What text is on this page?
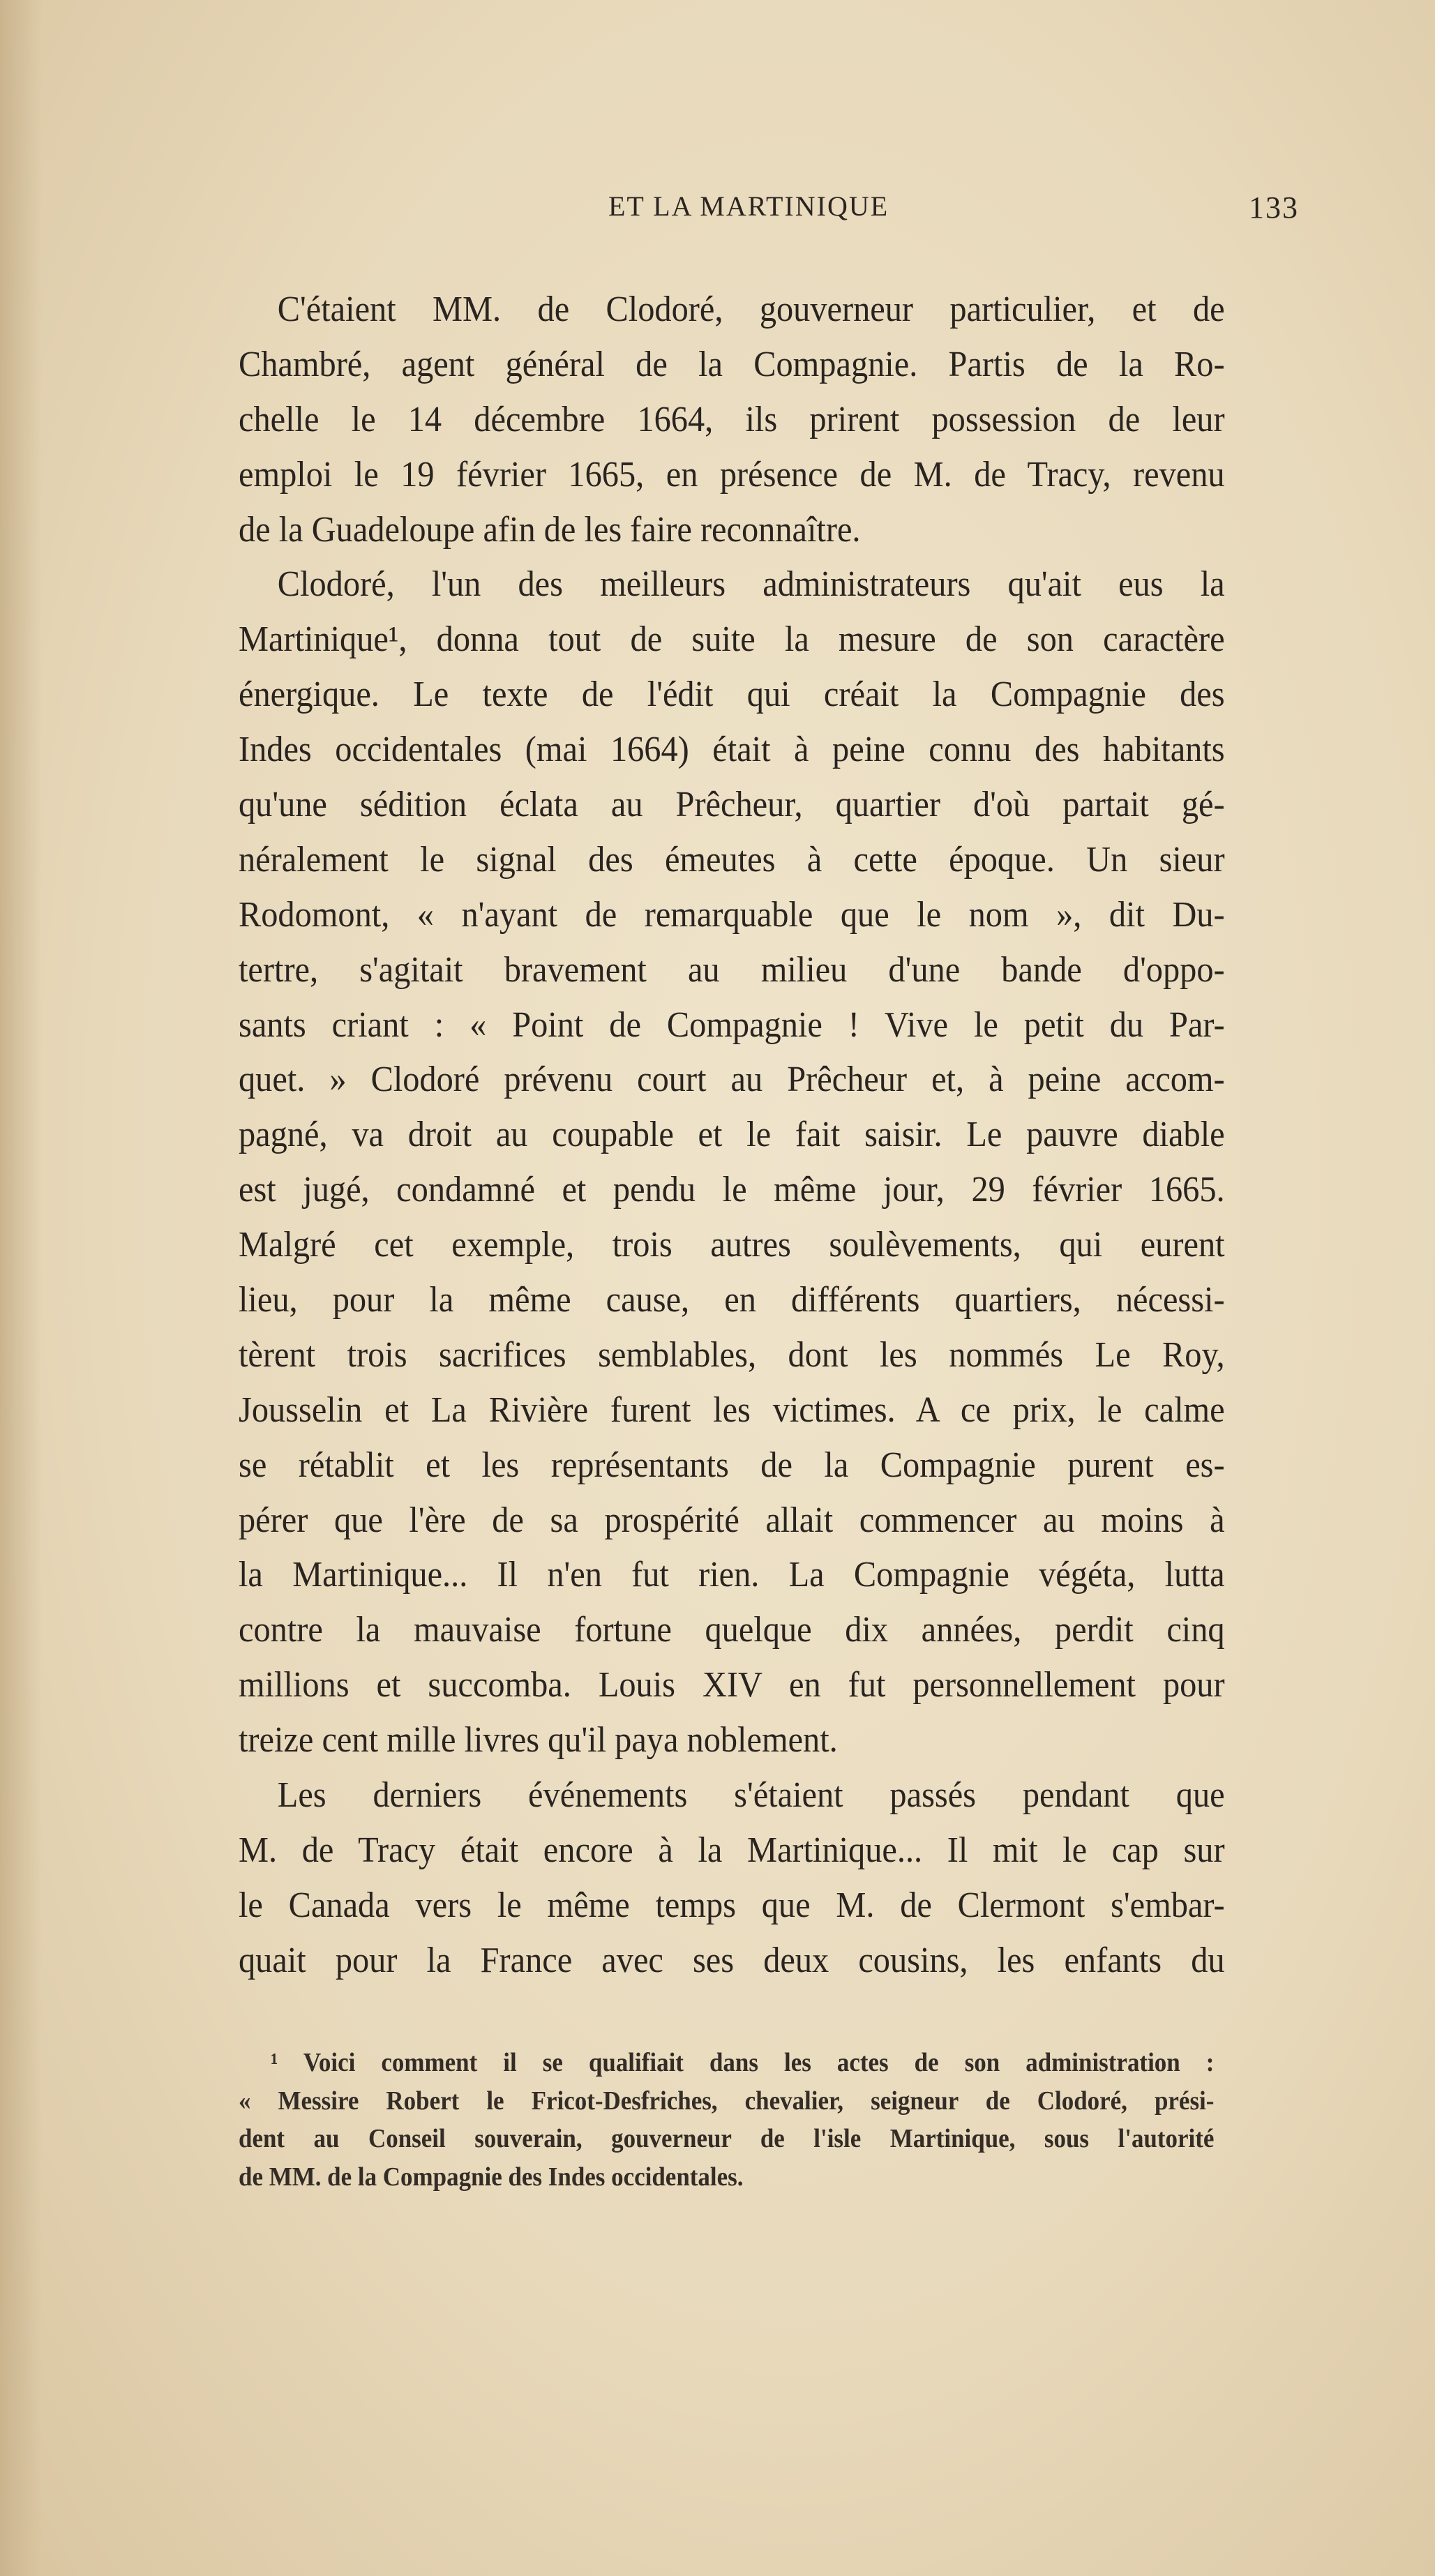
ET LA MARTINIQUE	133
C'étaient MM. de Clodoré, gouverneur particulier, et de
Chambré, agent général de la Compagnie. Partis de la Ro-
chelle le 14 décembre 1664, ils prirent possession de leur
emploi le 19 février 1665, en présence de M. de Tracy, revenu
de la Guadeloupe afin de les faire reconnaître.
Clodoré, l'un des meilleurs administrateurs qu'ait eus la
Martinique¹, donna tout de suite la mesure de son caractère
énergique. Le texte de l'édit qui créait la Compagnie des
Indes occidentales (mai 1664) était à peine connu des habitants
qu'une sédition éclata au Prêcheur, quartier d'où partait gé-
néralement le signal des émeutes à cette époque. Un sieur
Rodomont, « n'ayant de remarquable que le nom », dit Du-
tertre, s'agitait bravement au milieu d'une bande d'oppo-
sants criant : « Point de Compagnie ! Vive le petit du Par-
quet. » Clodoré prévenu court au Prêcheur et, à peine accom-
pagné, va droit au coupable et le fait saisir. Le pauvre diable
est jugé, condamné et pendu le même jour, 29 février 1665.
Malgré cet exemple, trois autres soulèvements, qui eurent
lieu, pour la même cause, en différents quartiers, nécessi-
tèrent trois sacrifices semblables, dont les nommés Le Roy,
Jousselin et La Rivière furent les victimes. A ce prix, le calme
se rétablit et les représentants de la Compagnie purent es-
pérer que l'ère de sa prospérité allait commencer au moins à
la Martinique... Il n'en fut rien. La Compagnie végéta, lutta
contre la mauvaise fortune quelque dix années, perdit cinq
millions et succomba. Louis XIV en fut personnellement pour
treize cent mille livres qu'il paya noblement.
Les derniers événements s'étaient passés pendant que
M. de Tracy était encore à la Martinique... Il mit le cap sur
le Canada vers le même temps que M. de Clermont s'embar-
quait pour la France avec ses deux cousins, les enfants du
¹ Voici comment il se qualifiait dans les actes de son administration :
« Messire Robert le Fricot-Desfriches, chevalier, seigneur de Clodoré, prési-
dent au Conseil souverain, gouverneur de l'isle Martinique, sous l'autorité
de MM. de la Compagnie des Indes occidentales.
